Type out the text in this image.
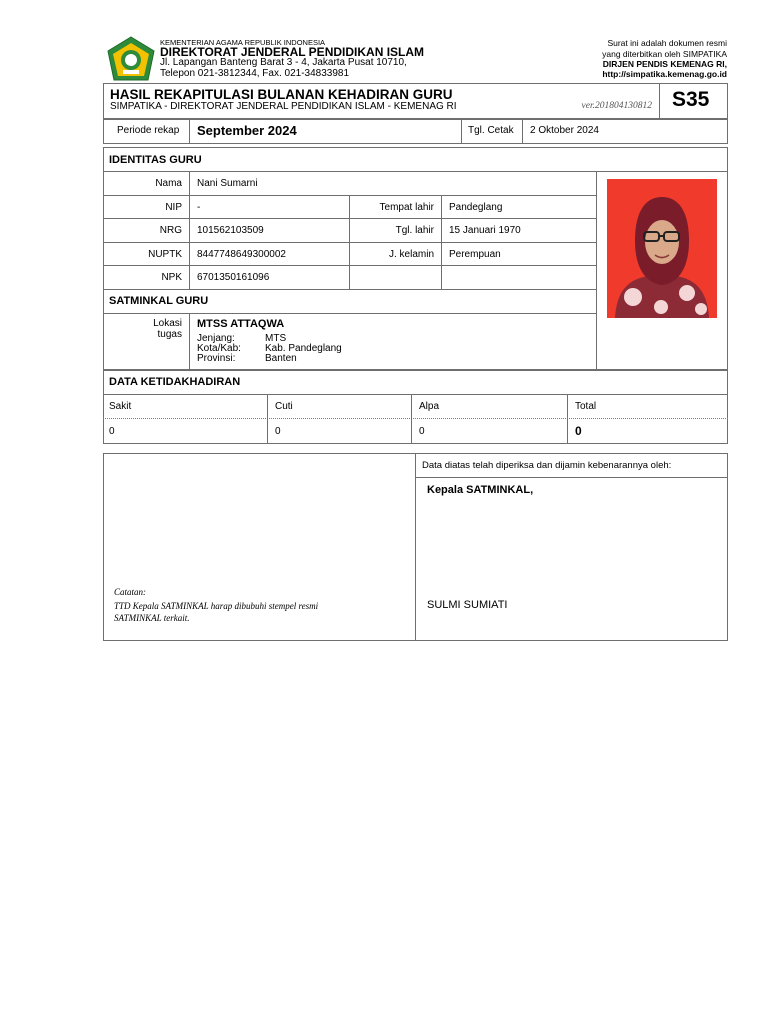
KEMENTERIAN AGAMA REPUBLIK INDONESIA
DIREKTORAT JENDERAL PENDIDIKAN ISLAM
Jl. Lapangan Banteng Barat 3 - 4, Jakarta Pusat 10710,
Telepon 021-3812344, Fax. 021-34833981
Surat ini adalah dokumen resmi
yang diterbitkan oleh SIMPATIKA
DIRJEN PENDIS KEMENAG RI,
http://simpatika.kemenag.go.id
HASIL REKAPITULASI BULANAN KEHADIRAN GURU
SIMPATIKA - DIREKTORAT JENDERAL PENDIDIKAN ISLAM - KEMENAG RI	ver.201804130812 S35
Periode rekap September 2024	Tgl. Cetak 2 Oktober 2024
IDENTITAS GURU
Nama Nani Sumarni
NIP -	Tempat lahir Pandeglang
NRG 101562103509	Tgl. lahir 15 Januari 1970
NUPTK 8447748649300002	J. kelamin Perempuan
NPK 6701350161096
SATMINKAL GURU
Lokasi
tugas
MTSS ATTAQWA
Jenjang:	MTS
Kota/Kab: Kab. Pandeglang
Provinsi:	Banten
DATA KETIDAKHADIRAN
Sakit	Cuti	Alpa	Total
0	0	0	0
Data diatas telah diperiksa dan dijamin kebenarannya oleh:
Kepala SATMINKAL,
SULMI SUMIATI
Catatan:
TTD Kepala SATMINKAL harap dibubuhi stempel resmi
SATMINKAL terkait.
